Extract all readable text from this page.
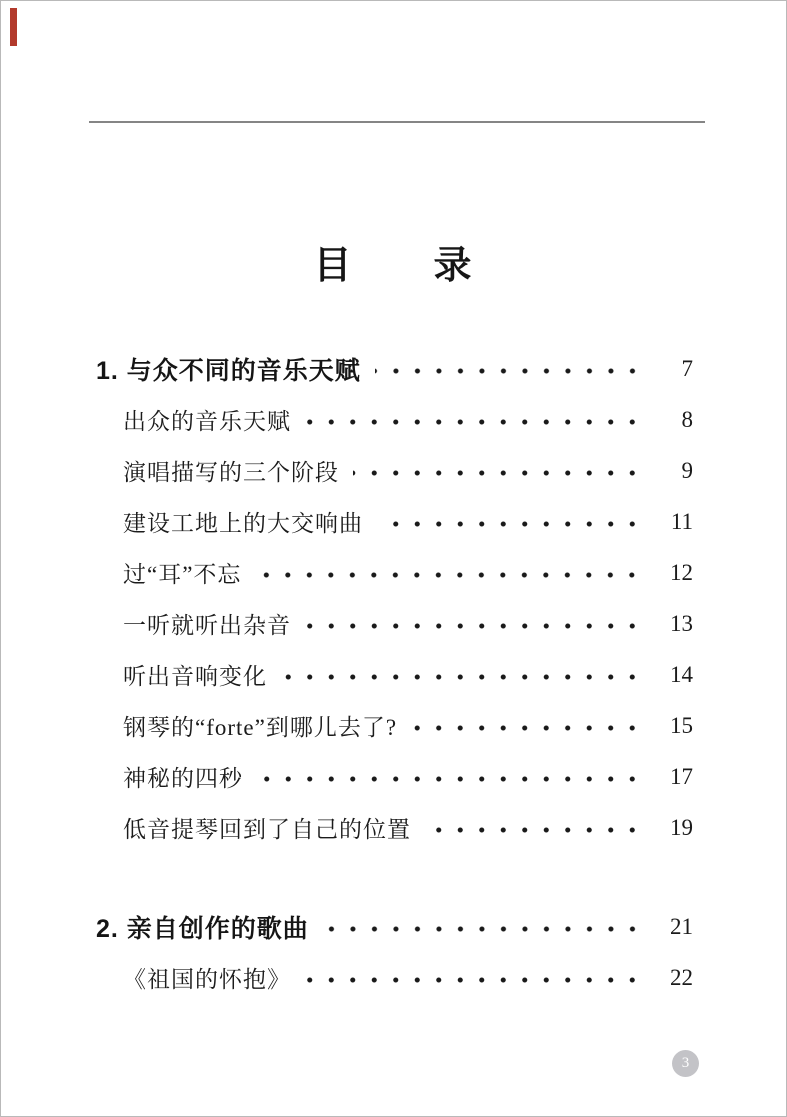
目　　录
1. 与众不同的音乐天赋	7
出众的音乐天赋	8
演唱描写的三个阶段	9
建设工地上的大交响曲	11
过“耳”不忘	12
一听就听出杂音	13
听出音响变化	14
钢琴的“forte”到哪儿去了?	15
神秘的四秒	17
低音提琴回到了自己的位置	19
2. 亲自创作的歌曲	21
《祖国的怀抱》	22
3
